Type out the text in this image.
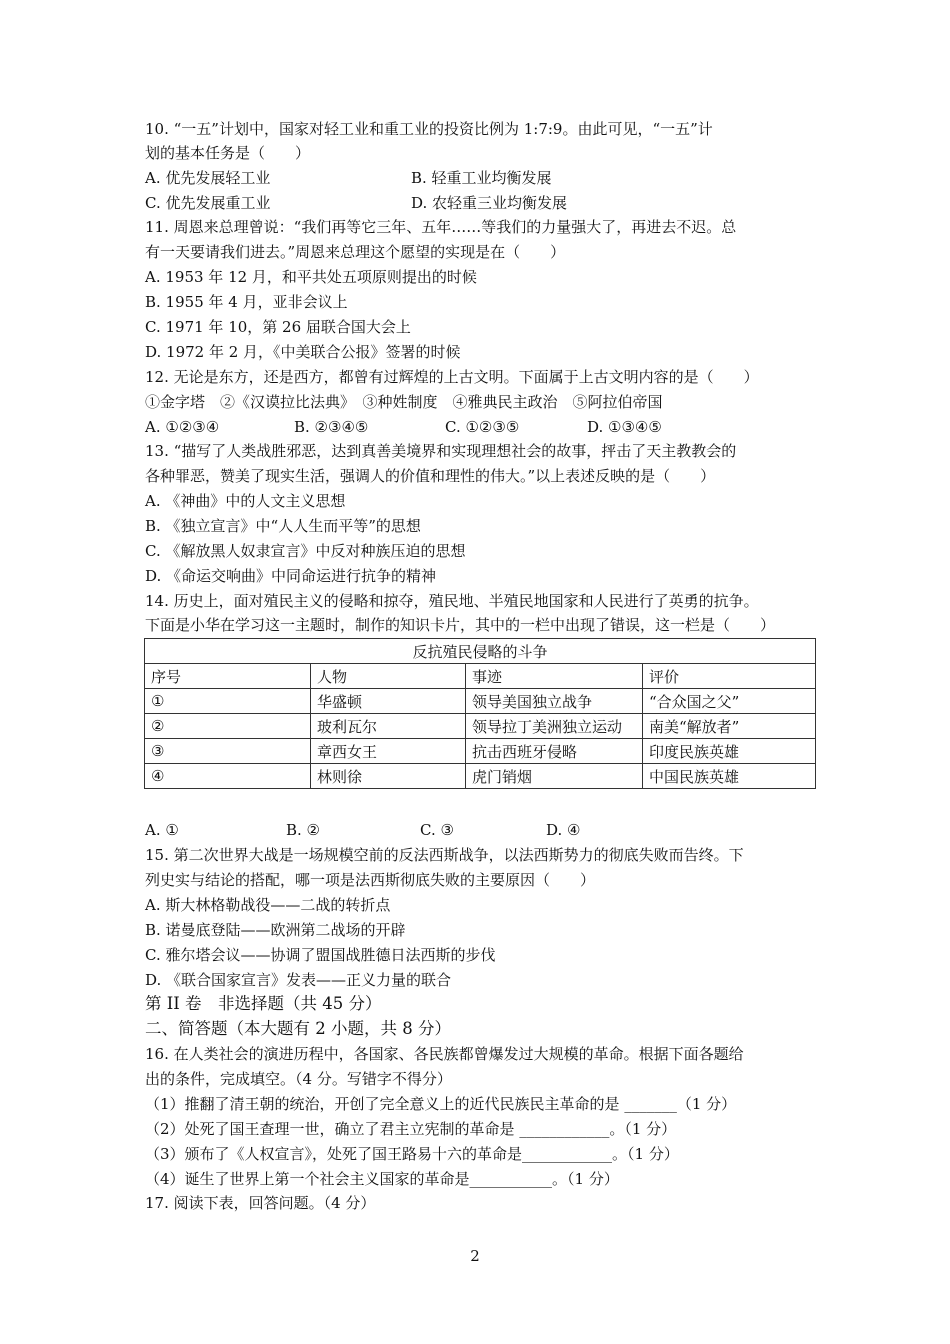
10. “一五”计划中，国家对轻工业和重工业的投资比例为 1:7:9。由此可见，“一五”计
划的基本任务是（　　）
A. 优先发展轻工业	B. 轻重工业均衡发展
C. 优先发展重工业	D. 农轻重三业均衡发展
11. 周恩来总理曾说：“我们再等它三年、五年……等我们的力量强大了，再进去不迟。总
有一天要请我们进去。”周恩来总理这个愿望的实现是在（　　）
A. 1953 年 12 月，和平共处五项原则提出的时候
B. 1955 年 4 月，亚非会议上
C. 1971 年 10，第 26 届联合国大会上
D. 1972 年 2 月，《中美联合公报》签署的时候
12. 无论是东方，还是西方，都曾有过辉煌的上古文明。下面属于上古文明内容的是（　　）
①金字塔　②《汉谟拉比法典》　③种姓制度　④雅典民主政治　⑤阿拉伯帝国
A. ①②③④	B. ②③④⑤	C. ①②③⑤	D. ①③④⑤
13. “描写了人类战胜邪恶，达到真善美境界和实现理想社会的故事，抨击了天主教教会的
各种罪恶，赞美了现实生活，强调人的价值和理性的伟大。”以上表述反映的是（　　）
A. 《神曲》中的人文主义思想
B. 《独立宣言》中“人人生而平等”的思想
C. 《解放黑人奴隶宣言》中反对种族压迫的思想
D. 《命运交响曲》中同命运进行抗争的精神
14. 历史上，面对殖民主义的侵略和掠夺，殖民地、半殖民地国家和人民进行了英勇的抗争。
下面是小华在学习这一主题时，制作的知识卡片，其中的一栏中出现了错误，这一栏是（　　）
反抗殖民侵略的斗争			
序号	人物	事迹	评价
①	华盛顿	领导美国独立战争	“合众国之父”
②	玻利瓦尔	领导拉丁美洲独立运动	南美“解放者”
③	章西女王	抗击西班牙侵略	印度民族英雄
④	林则徐	虎门销烟	中国民族英雄
A. ①	B. ②	C. ③	D. ④
15. 第二次世界大战是一场规模空前的反法西斯战争，以法西斯势力的彻底失败而告终。下
列史实与结论的搭配，哪一项是法西斯彻底失败的主要原因（　　）
A. 斯大林格勒战役——二战的转折点
B. 诺曼底登陆——欧洲第二战场的开辟
C. 雅尔塔会议——协调了盟国战胜德日法西斯的步伐
D. 《联合国家宣言》发表——正义力量的联合
第 II 卷　非选择题（共 45 分）
二、简答题（本大题有 2 小题，共 8 分）
16. 在人类社会的演进历程中，各国家、各民族都曾爆发过大规模的革命。根据下面各题给
出的条件，完成填空。（4 分。写错字不得分）
（1）推翻了清王朝的统治，开创了完全意义上的近代民族民主革命的是 _______（1 分）
（2）处死了国王查理一世，确立了君主立宪制的革命是 ____________。（1 分）
（3）颁布了《人权宣言》，处死了国王路易十六的革命是____________。（1 分）
（4）诞生了世界上第一个社会主义国家的革命是___________。（1 分）
17. 阅读下表，回答问题。（4 分）
2
